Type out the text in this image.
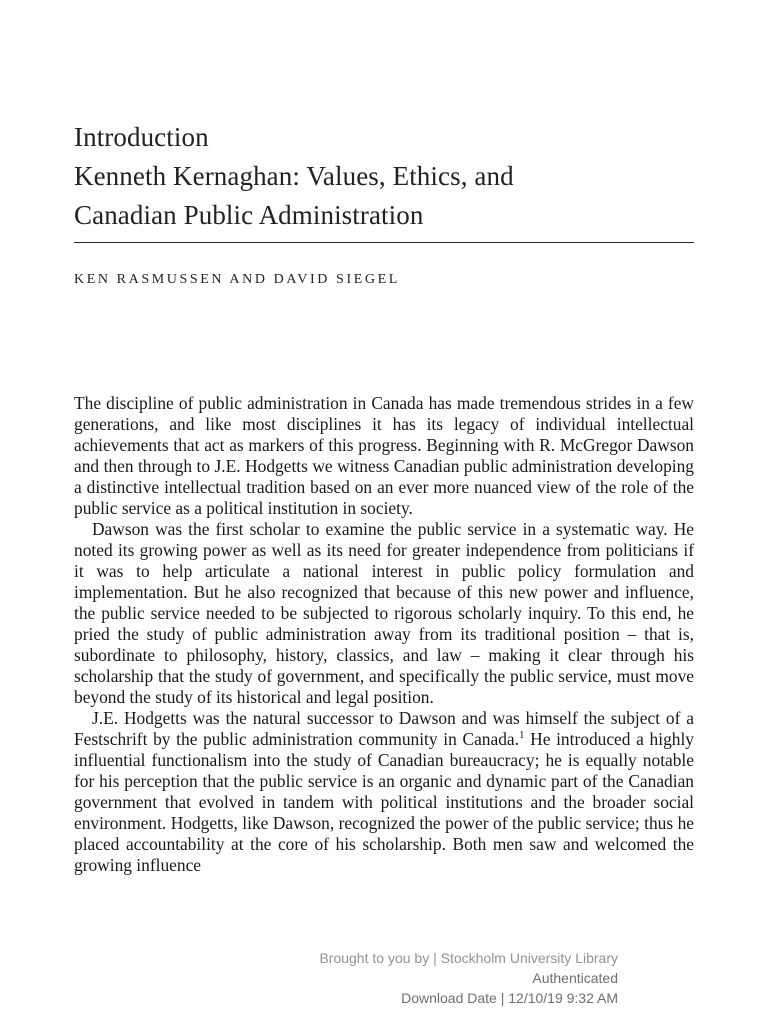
Introduction
Kenneth Kernaghan: Values, Ethics, and
Canadian Public Administration
KEN RASMUSSEN AND DAVID SIEGEL

The discipline of public administration in Canada has made tremendous strides in a few generations, and like most disciplines it has its legacy of individual intellectual achievements that act as markers of this progress. Beginning with R. McGregor Dawson and then through to J.E. Hodgetts we witness Canadian public administration developing a distinctive intellectual tradition based on an ever more nuanced view of the role of the public service as a political institution in society.

Dawson was the first scholar to examine the public service in a systematic way. He noted its growing power as well as its need for greater independence from politicians if it was to help articulate a national interest in public policy formulation and implementation. But he also recognized that because of this new power and influence, the public service needed to be subjected to rigorous scholarly inquiry. To this end, he pried the study of public administration away from its traditional position – that is, subordinate to philosophy, history, classics, and law – making it clear through his scholarship that the study of government, and specifically the public service, must move beyond the study of its historical and legal position.

J.E. Hodgetts was the natural successor to Dawson and was himself the subject of a Festschrift by the public administration community in Canada.$^1$ He introduced a highly influential functionalism into the study of Canadian bureaucracy; he is equally notable for his perception that the public service is an organic and dynamic part of the Canadian government that evolved in tandem with political institutions and the broader social environment. Hodgetts, like Dawson, recognized the power of the public service; thus he placed accountability at the core of his scholarship. Both men saw and welcomed the growing influence

Brought to you by | Stockholm University Library
Authenticated
Download Date | 12/10/19 9:32 AM
